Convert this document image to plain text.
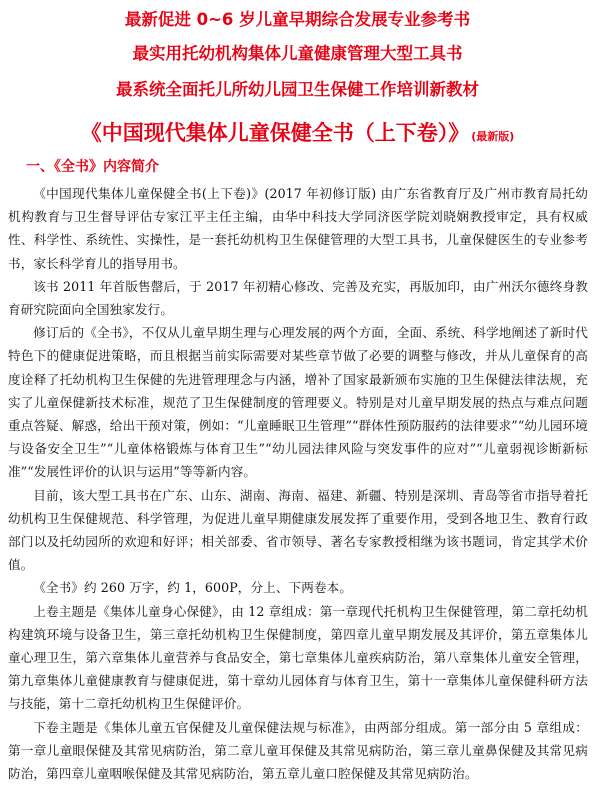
最新促进 0~6 岁儿童早期综合发展专业参考书
最实用托幼机构集体儿童健康管理大型工具书
最系统全面托儿所幼儿园卫生保健工作培训新教材
《中国现代集体儿童保健全书（上下卷）》 (最新版)
一、《全书》内容简介

《中国现代集体儿童保健全书(上下卷)》(2017 年初修订版) 由广东省教育厅及广州市教育局托幼机构教育与卫生督导评估专家江平主任主编，由华中科技大学同济医学院刘晓娴教授审定，具有权威性、科学性、系统性、实操性，是一套托幼机构卫生保健管理的大型工具书，儿童保健医生的专业参考书，家长科学育儿的指导用书。

该书 2011 年首版售罄后，于 2017 年初精心修改、完善及充实，再版加印，由广州沃尔德终身教育研究院面向全国独家发行。

修订后的《全书》，不仅从儿童早期生理与心理发展的两个方面，全面、系统、科学地阐述了新时代特色下的健康促进策略，而且根据当前实际需要对某些章节做了必要的调整与修改，并从儿童保育的高度诠释了托幼机构卫生保健的先进管理理念与内涵，增补了国家最新颁布实施的卫生保健法律法规，充实了儿童保健新技术标准，规范了卫生保健制度的管理要义。特别是对儿童早期发展的热点与难点问题重点答疑、解惑，给出干预对策，例如：“儿童睡眠卫生管理”“群体性预防服药的法律要求”“幼儿园环境与设备安全卫生”“儿童体格锻炼与体育卫生”“幼儿园法律风险与突发事件的应对”“儿童弱视诊断新标准”“发展性评价的认识与运用”等等新内容。

目前，该大型工具书在广东、山东、湖南、海南、福建、新疆、特别是深圳、青岛等省市指导着托幼机构卫生保健规范、科学管理，为促进儿童早期健康发展发挥了重要作用，受到各地卫生、教育行政部门以及托幼园所的欢迎和好评；相关部委、省市领导、著名专家教授相继为该书题词，肯定其学术价值。

《全书》约 260 万字，约 1，600P，分上、下两卷本。

上卷主题是《集体儿童身心保健》，由 12 章组成：第一章现代托机构卫生保健管理，第二章托幼机构建筑环境与设备卫生，第三章托幼机构卫生保健制度，第四章儿童早期发展及其评价，第五章集体儿童心理卫生，第六章集体儿童营养与食品安全，第七章集体儿童疾病防治，第八章集体儿童安全管理，第九章集体儿童健康教育与健康促进，第十章幼儿园体育与体育卫生，第十一章集体儿童保健科研方法与技能，第十二章托幼机构卫生保健评价。

下卷主题是《集体儿童五官保健及儿童保健法规与标准》，由两部分组成。第一部分由 5 章组成：第一章儿童眼保健及其常见病防治，第二章儿童耳保健及其常见病防治，第三章儿童鼻保健及其常见病防治，第四章儿童咽喉保健及其常见病防治，第五章儿童口腔保健及其常见病防治。
